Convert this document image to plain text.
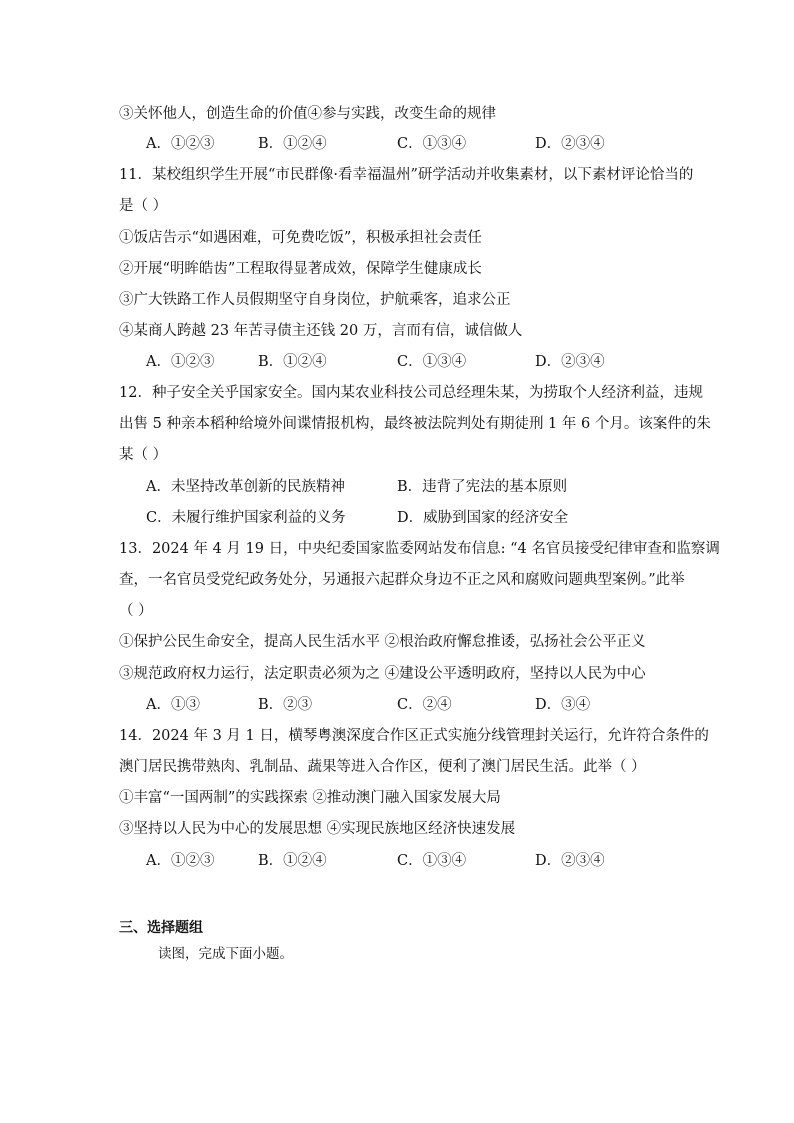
③关怀他人，创造生命的价值④参与实践，改变生命的规律
A．①②③	B．①②④	C．①③④	D．②③④
11．某校组织学生开展“市民群像·看幸福温州”研学活动并收集素材，以下素材评论恰当的
是（ ）
①饭店告示“如遇困难，可免费吃饭”，积极承担社会责任
②开展“明眸皓齿”工程取得显著成效，保障学生健康成长
③广大铁路工作人员假期坚守自身岗位，护航乘客，追求公正
④某商人跨越 23 年苦寻债主还钱 20 万，言而有信，诚信做人
A．①②③	B．①②④	C．①③④	D．②③④
12．种子安全关乎国家安全。国内某农业科技公司总经理朱某，为捞取个人经济利益，违规
出售 5 种亲本稻种给境外间谍情报机构，最终被法院判处有期徒刑 1 年 6 个月。该案件的朱
某（ ）
A．未坚持改革创新的民族精神	B．违背了宪法的基本原则
C．未履行维护国家利益的义务	D．威胁到国家的经济安全
13．2024 年 4 月 19 日，中央纪委国家监委网站发布信息: “4 名官员接受纪律审查和监察调
查，一名官员受党纪政务处分，另通报六起群众身边不正之风和腐败问题典型案例。”此举
（ ）
①保护公民生命安全，提高人民生活水平 ②根治政府懈怠推诿，弘扬社会公平正义
③规范政府权力运行，法定职责必须为之 ④建设公平透明政府，坚持以人民为中心
A．①③	B．②③	C．②④	D．③④
14．2024 年 3 月 1 日，横琴粤澳深度合作区正式实施分线管理封关运行，允许符合条件的
澳门居民携带熟肉、乳制品、蔬果等进入合作区，便利了澳门居民生活。此举（ ）
①丰富“一国两制”的实践探索 ②推动澳门融入国家发展大局
③坚持以人民为中心的发展思想 ④实现民族地区经济快速发展
A．①②③	B．①②④	C．①③④	D．②③④
三、选择题组
读图，完成下面小题。
